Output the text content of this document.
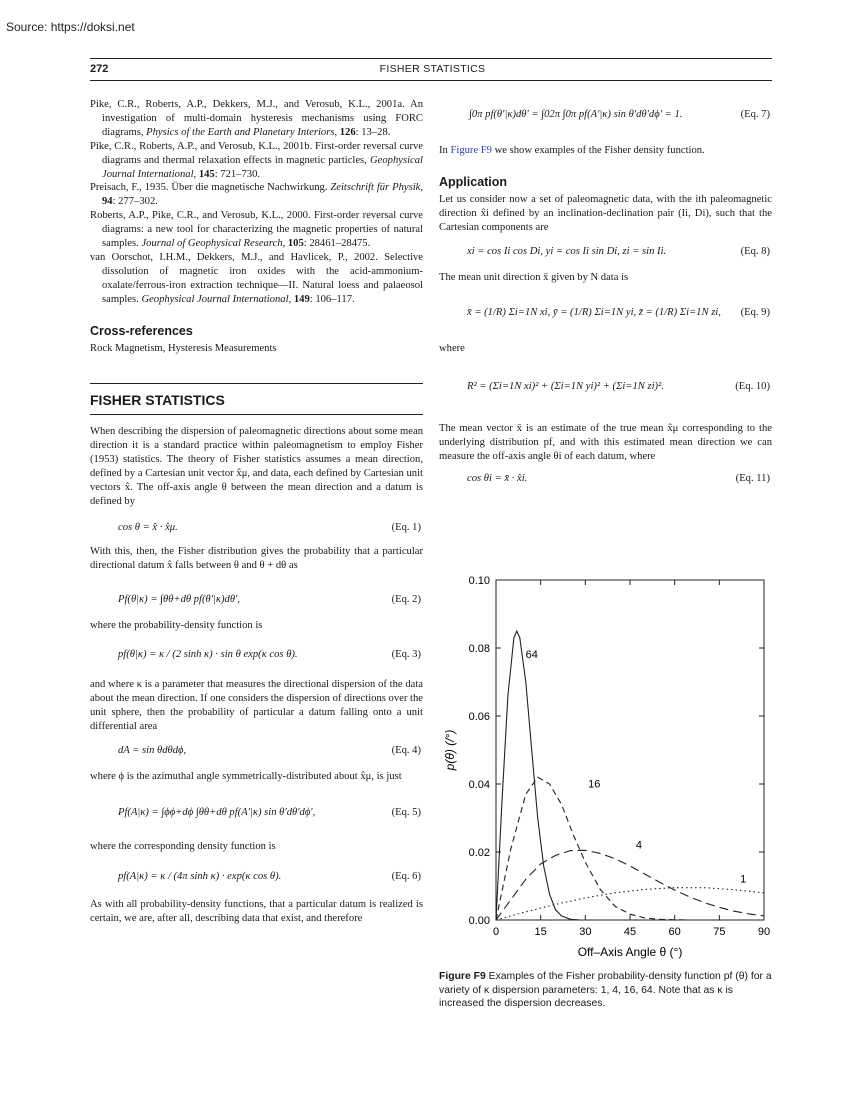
Source: https://doksi.net
272	FISHER STATISTICS

Pike, C.R., Roberts, A.P., Dekkers, M.J., and Verosub, K.L., 2001a. An investigation of multi-domain hysteresis mechanisms using FORC diagrams, Physics of the Earth and Planetary Interiors, 126: 13–28.

Pike, C.R., Roberts, A.P., and Verosub, K.L., 2001b. First-order reversal curve diagrams and thermal relaxation effects in magnetic particles, Geophysical Journal International, 145: 721–730.

Preisach, F., 1935. Über die magnetische Nachwirkung. Zeitschrift für Physik, 94: 277–302.

Roberts, A.P., Pike, C.R., and Verosub, K.L., 2000. First-order reversal curve diagrams: a new tool for characterizing the magnetic properties of natural samples. Journal of Geophysical Research, 105: 28461–28475.

van Oorschot, I.H.M., Dekkers, M.J., and Havlicek, P., 2002. Selective dissolution of magnetic iron oxides with the acid-ammonium-oxalate/ferrous-iron extraction technique—II. Natural loess and palaeosol samples. Geophysical Journal International, 149: 106–117.

Cross-references

Rock Magnetism, Hysteresis Measurements

FISHER STATISTICS

When describing the dispersion of paleomagnetic directions about some mean direction it is a standard practice within paleomagnetism to employ Fisher (1953) statistics. The theory of Fisher statistics assumes a mean direction, defined by a Cartesian unit vector x̂μ, and data, each defined by Cartesian unit vectors x̂. The off-axis angle θ between the mean direction and a datum is defined by

cos θ = x̂ · x̂μ.	(Eq. 1)

With this, then, the Fisher distribution gives the probability that a particular directional datum x̂ falls between θ and θ + dθ as

Pf(θ|κ) = ∫θθ+dθ pf(θ′|κ)dθ′,	(Eq. 2)

where the probability-density function is

pf(θ|κ) = κ / (2 sinh κ) · sin θ exp(κ cos θ).	(Eq. 3)

and where κ is a parameter that measures the directional dispersion of the data about the mean direction. If one considers the dispersion of directions over the unit sphere, then the probability of particular a datum falling onto a unit differential area

dA = sin θdθdϕ,	(Eq. 4)

where ϕ is the azimuthal angle symmetrically-distributed about x̂μ, is just

Pf(A|κ) = ∫ϕϕ+dϕ ∫θθ+dθ pf(A′|κ) sin θ′dθ′dϕ′,	(Eq. 5)

where the corresponding density function is

pf(A|κ) = κ / (4π sinh κ) · exp(κ cos θ).	(Eq. 6)

As with all probability-density functions, that a particular datum is realized is certain, we are, after all, describing data that exist, and therefore

∫0π pf(θ′|κ)dθ′ = ∫02π ∫0π pf(A′|κ) sin θ′dθ′dϕ′ = 1.	(Eq. 7)

In Figure F9 we show examples of the Fisher density function.

Application

Let us consider now a set of paleomagnetic data, with the ith paleomagnetic direction x̂i defined by an inclination-declination pair (Ii, Di), such that the Cartesian components are

xi = cos Ii cos Di, yi = cos Ii sin Di, zi = sin Ii.	(Eq. 8)

The mean unit direction x̄ given by N data is

x̄ = (1/R) Σi=1N xi, ȳ = (1/R) Σi=1N yi, z̄ = (1/R) Σi=1N zi, (Eq. 9)

where

R² = (Σi=1N xi)² + (Σi=1N yi)² + (Σi=1N zi)².	(Eq. 10)

The mean vector x̄ is an estimate of the true mean x̂μ corresponding to the underlying distribution pf, and with this estimated mean direction we can measure the off-axis angle θi of each datum, where

cos θi = x̄ · x̂i.	(Eq. 11)
0.00
0.02
0.04
0.06
0.08
0.10
0	15	30	45	60	75	90
Off–Axis Angle θ (°)
p(θ) (/°)
64
16
4
1
Figure F9 Examples of the Fisher probability-density function pf (θ) for a variety of κ dispersion parameters: 1, 4, 16, 64. Note that as κ is increased the dispersion decreases.
